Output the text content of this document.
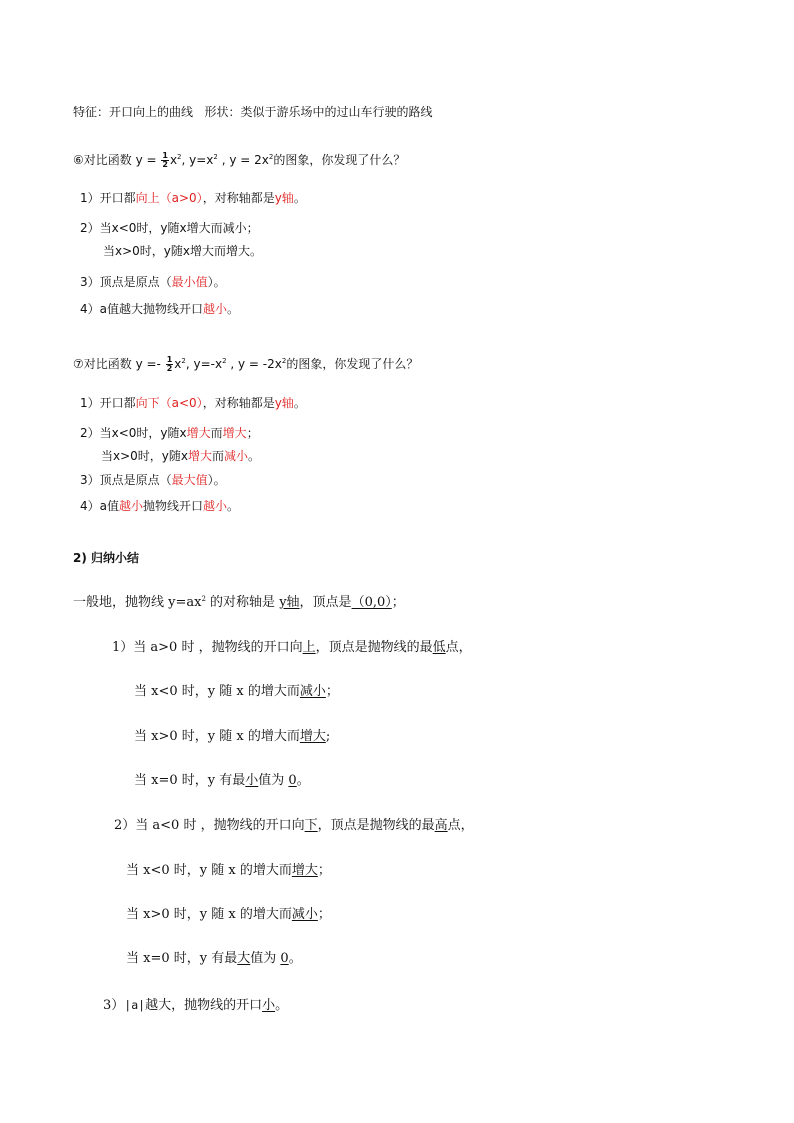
特征：开口向上的曲线 形状：类似于游乐场中的过山车行驶的路线
⑥对比函数 $y = \frac{1}{2} x^2$, $y=x^2$ , $y = 2x^2$的图象，你发现了什么？
1）开口都向上（a>0），对称轴都是y轴。
2）当x<0时，y随x增大而减小；
当x>0时，y随x增大而增大。
3）顶点是原点（最小值）。
4）a值越大抛物线开口越小。
⑦对比函数 $y =- \frac{1}{2} x^2$, $y=-x^2$ , $y = -2x^2$的图象，你发现了什么？
1）开口都向下（a<0），对称轴都是y轴。
2）当x<0时，y随x增大而增大；
当x>0时，y随x增大而减小。
3）顶点是原点（最大值）。
4）a值越小抛物线开口越小。
2) 归纳小结
一般地，抛物线 $y=ax^2$ 的对称轴是 y轴，顶点是（0,0）；
1）当 a>0 时 ，抛物线的开口向上，顶点是抛物线的最低点，
当 x<0 时，y 随 x 的增大而减小；
当 x>0 时，y 随 x 的增大而增大;
当 x=0 时，y 有最小值为 0。
2）当 a<0 时 ，抛物线的开口向下，顶点是抛物线的最高点，
当 x<0 时，y 随 x 的增大而增大；
当 x>0 时，y 随 x 的增大而减小；
当 x=0 时，y 有最大值为 0。
3）|a|越大，抛物线的开口小。
